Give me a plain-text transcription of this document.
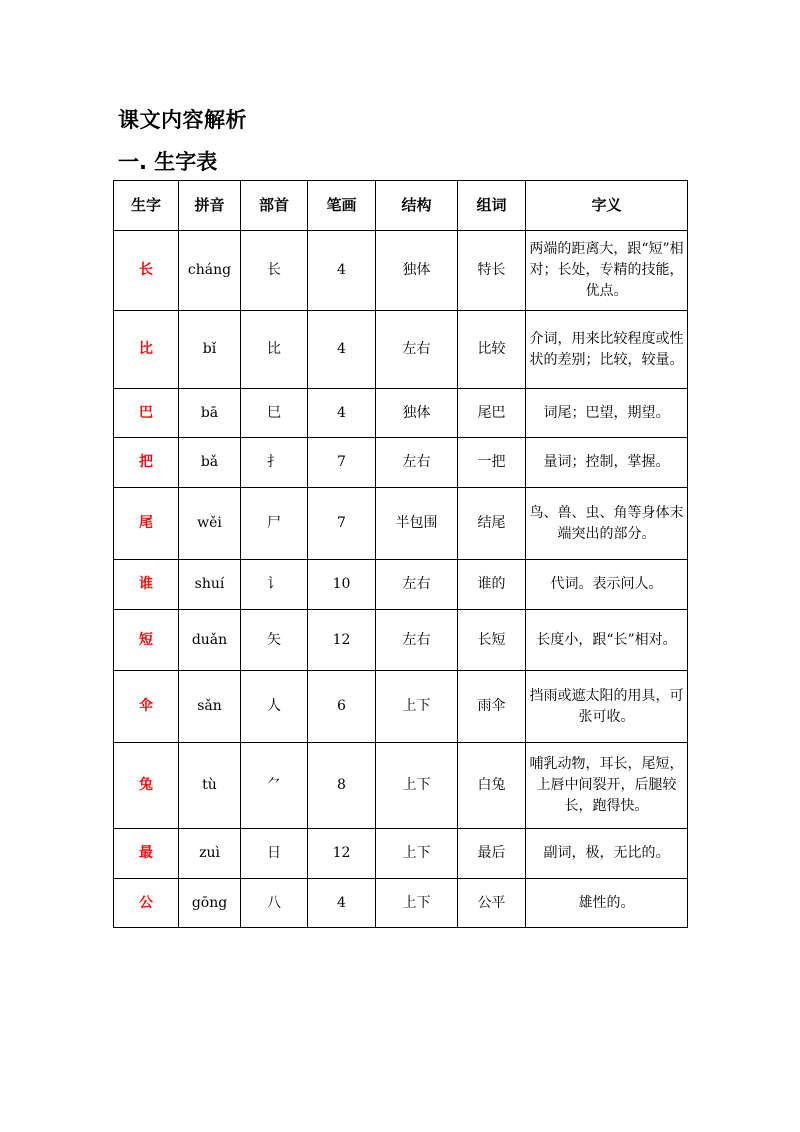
课文内容解析
一. 生字表
生字	拼音	部首	笔画	结构	组词	字义
长	cháng	长	4	独体	特长	两端的距离大，跟“短”相对；长处，专精的技能，优点。
比	bǐ	比	4	左右	比较	介词，用来比较程度或性状的差别；比较，较量。
巴	bā	巳	4	独体	尾巴	词尾；巴望，期望。
把	bǎ	扌	7	左右	一把	量词；控制，掌握。
尾	wěi	尸	7	半包围	结尾	鸟、兽、虫、角等身体末端突出的部分。
谁	shuí	讠	10	左右	谁的	代词。表示问人。
短	duǎn	矢	12	左右	长短	长度小，跟“长”相对。
伞	sǎn	人	6	上下	雨伞	挡雨或遮太阳的用具，可张可收。
兔	tù	⺈	8	上下	白兔	哺乳动物，耳长，尾短，上唇中间裂开，后腿较长，跑得快。
最	zuì	日	12	上下	最后	副词，极，无比的。
公	gōng	八	4	上下	公平	雄性的。
